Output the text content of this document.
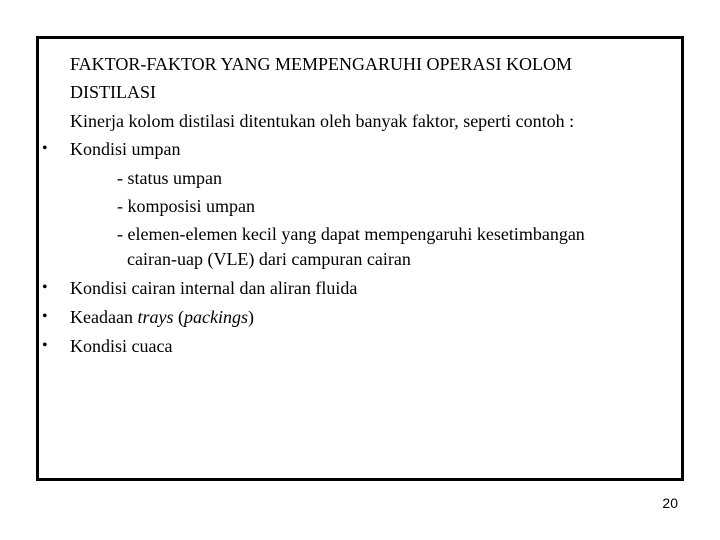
FAKTOR-FAKTOR YANG MEMPENGARUHI OPERASI KOLOM
DISTILASI
Kinerja kolom distilasi ditentukan oleh banyak faktor, seperti contoh :
• Kondisi umpan
- status umpan
- komposisi umpan
- elemen-elemen kecil yang dapat mempengaruhi kesetimbangan
cairan-uap (VLE) dari campuran cairan
• Kondisi cairan internal dan aliran fluida
• Keadaan trays (packings)
• Kondisi cuaca
20
